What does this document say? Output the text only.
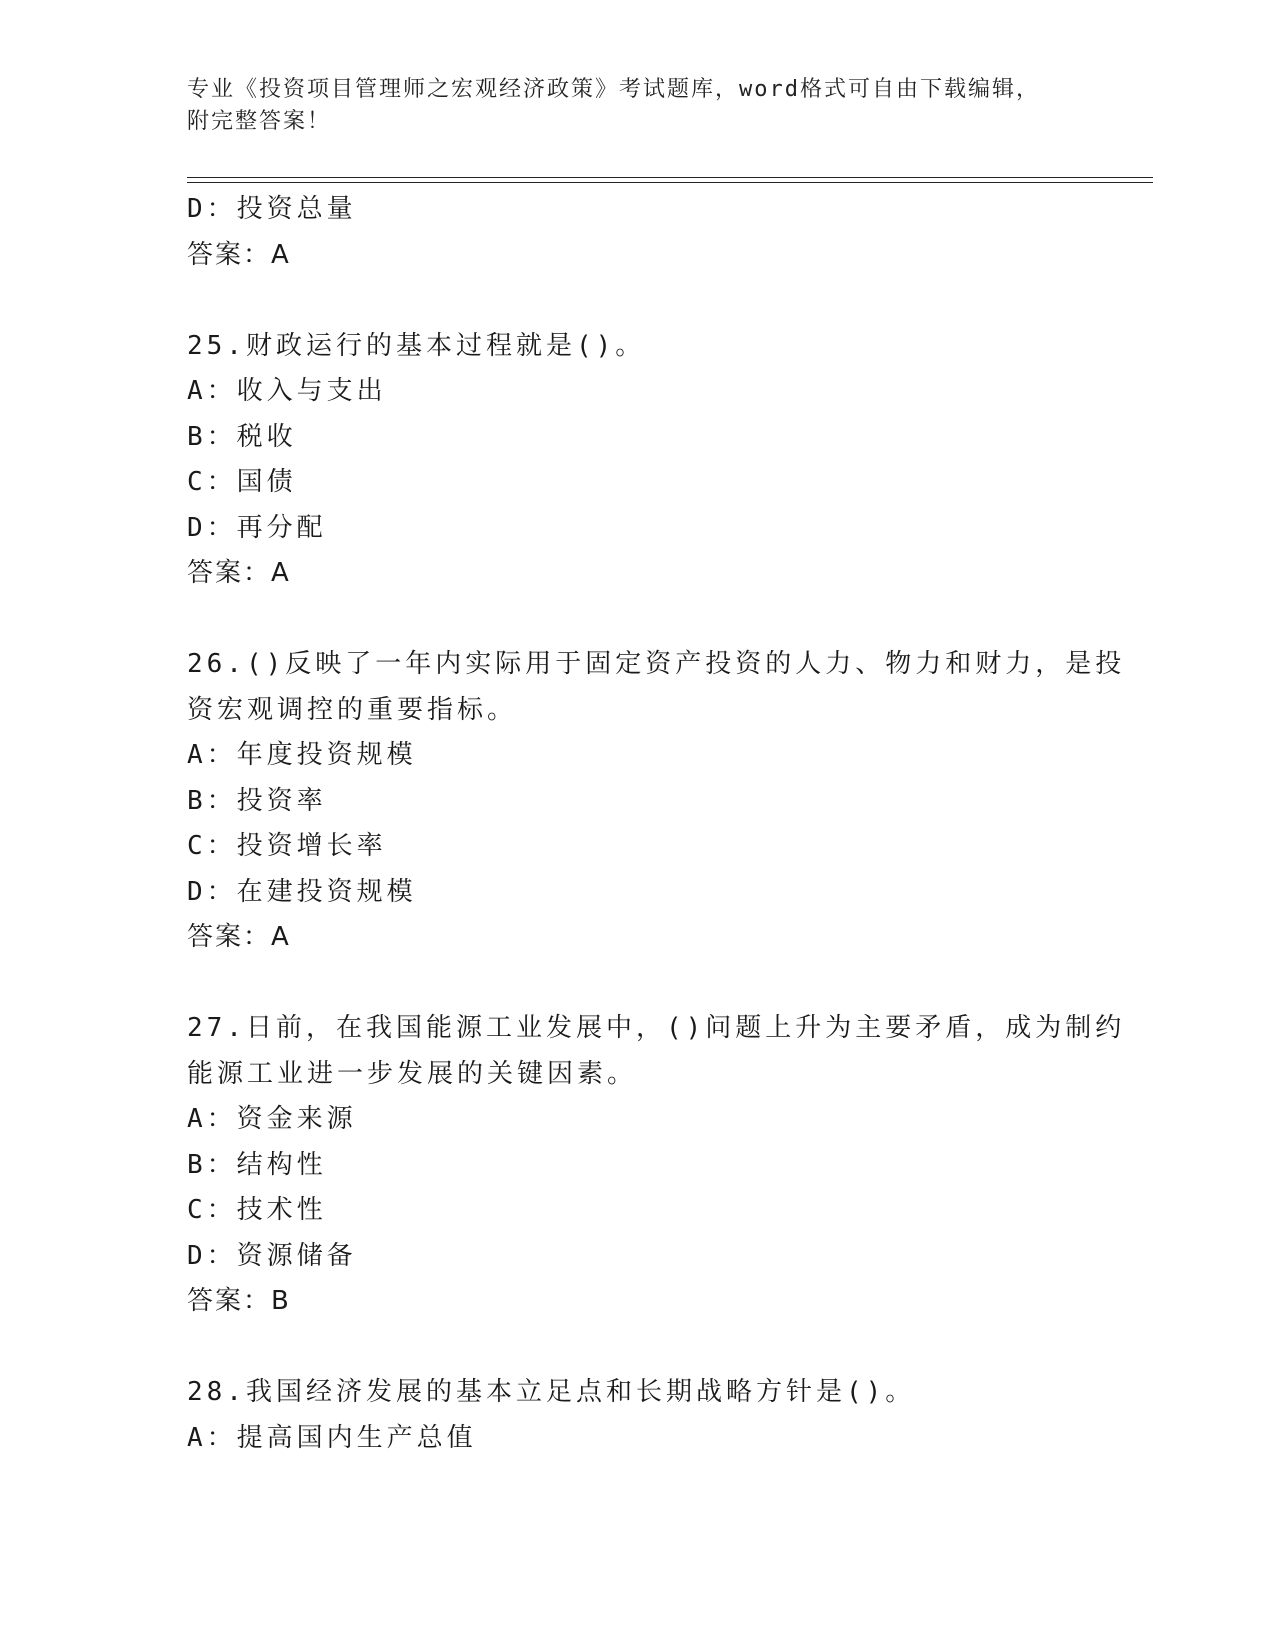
专业《投资项目管理师之宏观经济政策》考试题库，word格式可自由下载编辑，
附完整答案！
D：投资总量
答案：A
25.财政运行的基本过程就是()。
A：收入与支出
B：税收
C：国债
D：再分配
答案：A
26.()反映了一年内实际用于固定资产投资的人力、物力和财力，是投
资宏观调控的重要指标。
A：年度投资规模
B：投资率
C：投资增长率
D：在建投资规模
答案：A
27.日前，在我国能源工业发展中，()问题上升为主要矛盾，成为制约
能源工业进一步发展的关键因素。
A：资金来源
B：结构性
C：技术性
D：资源储备
答案：B
28.我国经济发展的基本立足点和长期战略方针是()。
A：提高国内生产总值
